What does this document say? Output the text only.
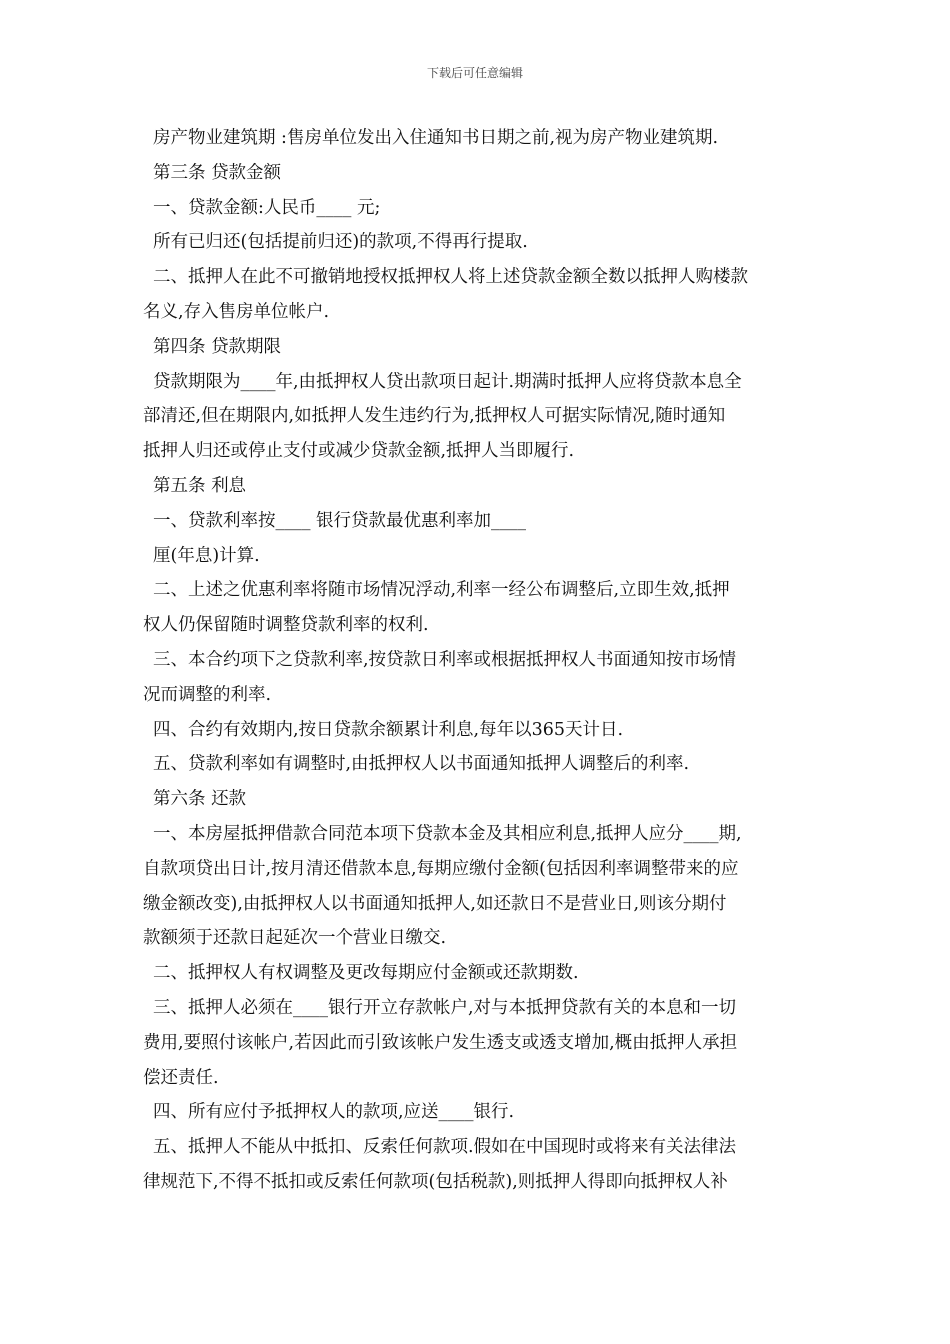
下载后可任意编辑

房产物业建筑期 :售房单位发出入住通知书日期之前,视为房产物业建筑期.

第三条 贷款金额

一、贷款金额:人民币____ 元;

所有已归还(包括提前归还)的款项,不得再行提取.

二、抵押人在此不可撤销地授权抵押权人将上述贷款金额全数以抵押人购楼款

名义,存入售房单位帐户.

第四条 贷款期限

贷款期限为____年,由抵押权人贷出款项日起计.期满时抵押人应将贷款本息全

部清还,但在期限内,如抵押人发生违约行为,抵押权人可据实际情况,随时通知

抵押人归还或停止支付或减少贷款金额,抵押人当即履行.

第五条 利息

一、贷款利率按____ 银行贷款最优惠利率加____

厘(年息)计算.

二、上述之优惠利率将随市场情况浮动,利率一经公布调整后,立即生效,抵押

权人仍保留随时调整贷款利率的权利.

三、本合约项下之贷款利率,按贷款日利率或根据抵押权人书面通知按市场情

况而调整的利率.

四、合约有效期内,按日贷款余额累计利息,每年以365天计日.

五、贷款利率如有调整时,由抵押权人以书面通知抵押人调整后的利率.

第六条 还款

一、本房屋抵押借款合同范本项下贷款本金及其相应利息,抵押人应分____期,

自款项贷出日计,按月清还借款本息,每期应缴付金额(包括因利率调整带来的应

缴金额改变),由抵押权人以书面通知抵押人,如还款日不是营业日,则该分期付

款额须于还款日起延次一个营业日缴交.

二、抵押权人有权调整及更改每期应付金额或还款期数.

三、抵押人必须在____银行开立存款帐户,对与本抵押贷款有关的本息和一切

费用,要照付该帐户,若因此而引致该帐户发生透支或透支增加,概由抵押人承担

偿还责任.

四、所有应付予抵押权人的款项,应送____银行.

五、抵押人不能从中抵扣、反索任何款项.假如在中国现时或将来有关法律法

律规范下,不得不抵扣或反索任何款项(包括税款),则抵押人得即向抵押权人补
